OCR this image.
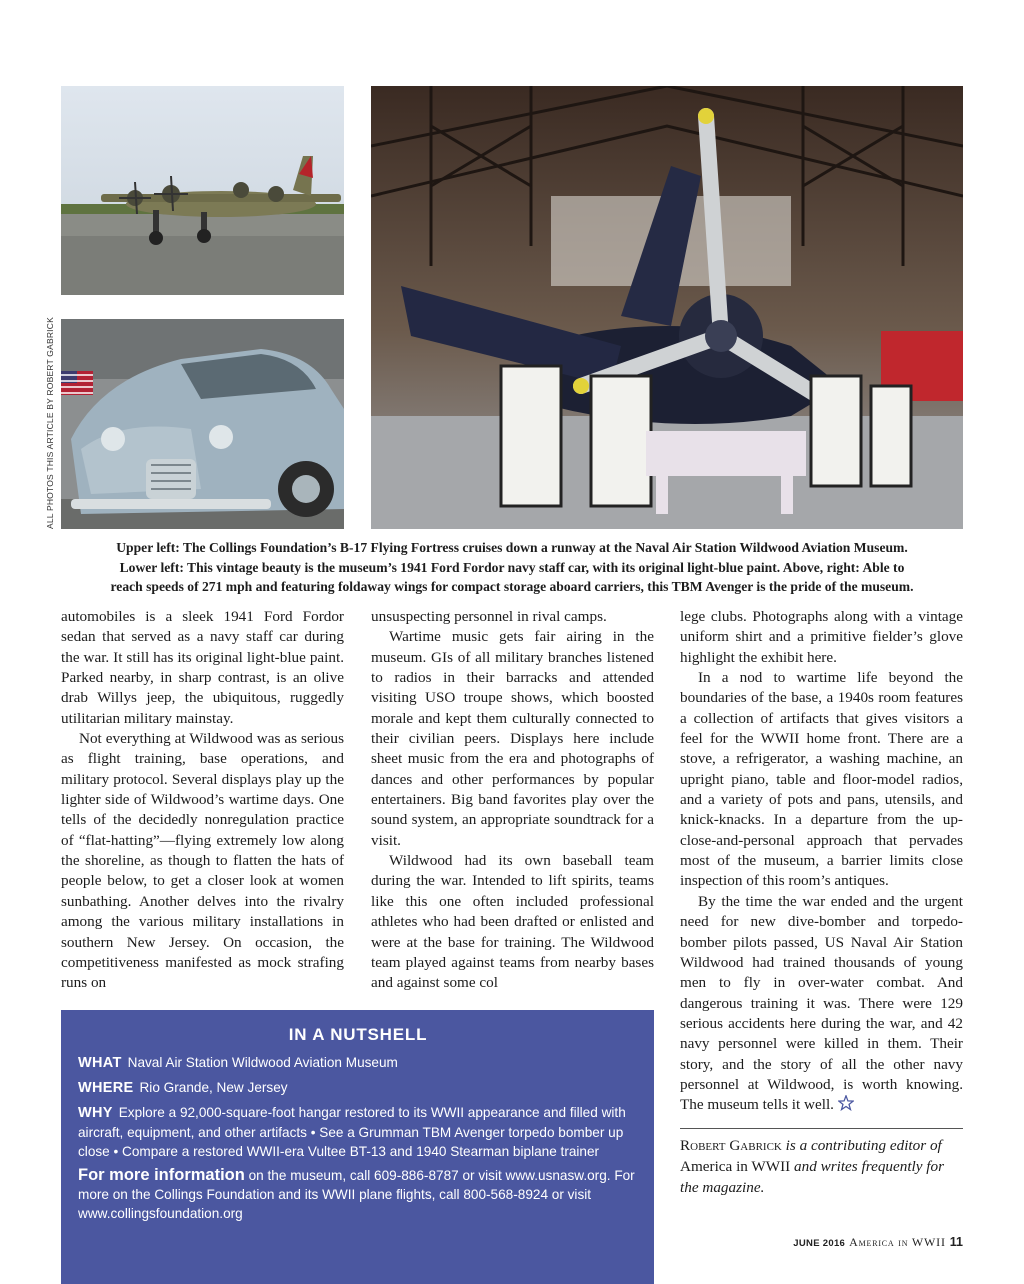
ALL PHOTOS THIS ARTICLE BY ROBERT GABRICK
Upper left: The Collings Foundation’s B-17 Flying Fortress cruises down a runway at the Naval Air Station Wildwood Aviation Museum.
Lower left: This vintage beauty is the museum’s 1941 Ford Fordor navy staff car, with its original light-blue paint. Above, right: Able to
reach speeds of 271 mph and featuring foldaway wings for compact storage aboard carriers, this TBM Avenger is the pride of the museum.

automobiles is a sleek 1941 Ford Fordor sedan that served as a navy staff car during the war. It still has its original light-blue paint. Parked nearby, in sharp contrast, is an olive drab Willys jeep, the ubiquitous, ruggedly utilitarian military mainstay.

Not everything at Wildwood was as serious as flight training, base operations, and military protocol. Several displays play up the lighter side of Wildwood’s wartime days. One tells of the decidedly nonregulation practice of “flat-hatting”—flying extremely low along the shoreline, as though to flatten the hats of people below, to get a closer look at women sunbathing. Another delves into the rivalry among the various military installations in southern New Jersey. On occasion, the competitiveness manifested as mock strafing runs on

unsuspecting personnel in rival camps.

Wartime music gets fair airing in the museum. GIs of all military branches listened to radios in their barracks and attended visiting USO troupe shows, which boosted morale and kept them culturally connected to their civilian peers. Displays here include sheet music from the era and photographs of dances and other performances by popular entertainers. Big band favorites play over the sound system, an appropriate soundtrack for a visit.

Wildwood had its own baseball team during the war. Intended to lift spirits, teams like this one often included professional athletes who had been drafted or enlisted and were at the base for training. The Wildwood team played against teams from nearby bases and against some col

lege clubs. Photographs along with a vintage uniform shirt and a primitive fielder’s glove highlight the exhibit here.

In a nod to wartime life beyond the boundaries of the base, a 1940s room features a collection of artifacts that gives visitors a feel for the WWII home front. There are a stove, a refrigerator, a washing machine, an upright piano, table and floor-model radios, and a variety of pots and pans, utensils, and knick-knacks. In a departure from the up-close-and-personal approach that pervades most of the museum, a barrier limits close inspection of this room’s antiques.

By the time the war ended and the urgent need for new dive-bomber and torpedo-bomber pilots passed, US Naval Air Station Wildwood had trained thousands of young men to fly in over-water combat. And dangerous training it was. There were 129 serious accidents here during the war, and 42 navy personnel were killed in them. Their story, and the story of all the other navy personnel at Wildwood, is worth knowing. The museum tells it well.

Robert Gabrick is a contributing editor of America in WWII and writes frequently for the magazine.

IN A NUTSHELL
WHAT Naval Air Station Wildwood Aviation Museum
WHERE Rio Grande, New Jersey
WHY Explore a 92,000-square-foot hangar restored to its WWII appearance and filled with aircraft, equipment, and other artifacts • See a Grumman TBM Avenger torpedo bomber up close • Compare a restored WWII-era Vultee BT-13 and 1940 Stearman biplane trainer
For more information on the museum, call 609-886-8787 or visit www.usnasw.org. For more on the Collings Foundation and its WWII plane flights, call 800-568-8924 or visit www.collingsfoundation.org
JUNE 2016 America in WWII 11
